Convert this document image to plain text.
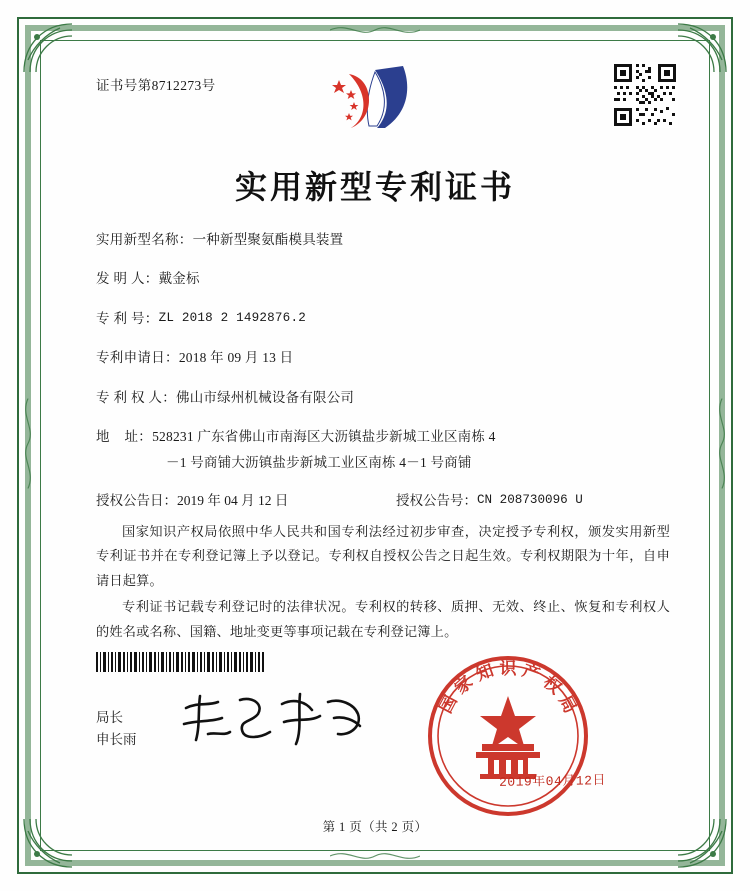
证书号第8712273号
实用新型专利证书
实用新型名称： 一种新型聚氨酯模具装置
发 明 人： 戴金标
专 利 号： ZL 2018 2 1492876.2
专利申请日： 2018 年 09 月 13 日
专 利 权 人： 佛山市绿州机械设备有限公司
地    址： 528231 广东省佛山市南海区大沥镇盐步新城工业区南栋 4
－1 号商铺大沥镇盐步新城工业区南栋 4－1 号商铺
授权公告日： 2019 年 04 月 12 日	授权公告号： CN 208730096 U

国家知识产权局依照中华人民共和国专利法经过初步审查，决定授予专利权，颁发实用新型专利证书并在专利登记簿上予以登记。专利权自授权公告之日起生效。专利权期限为十年，自申请日起算。

专利证书记载专利登记时的法律状况。专利权的转移、质押、无效、终止、恢复和专利权人的姓名或名称、国籍、地址变更等事项记载在专利登记簿上。

局长
申长雨
国
家
知 识 产
权
局
2019年04月12日
第 1 页（共 2 页）
